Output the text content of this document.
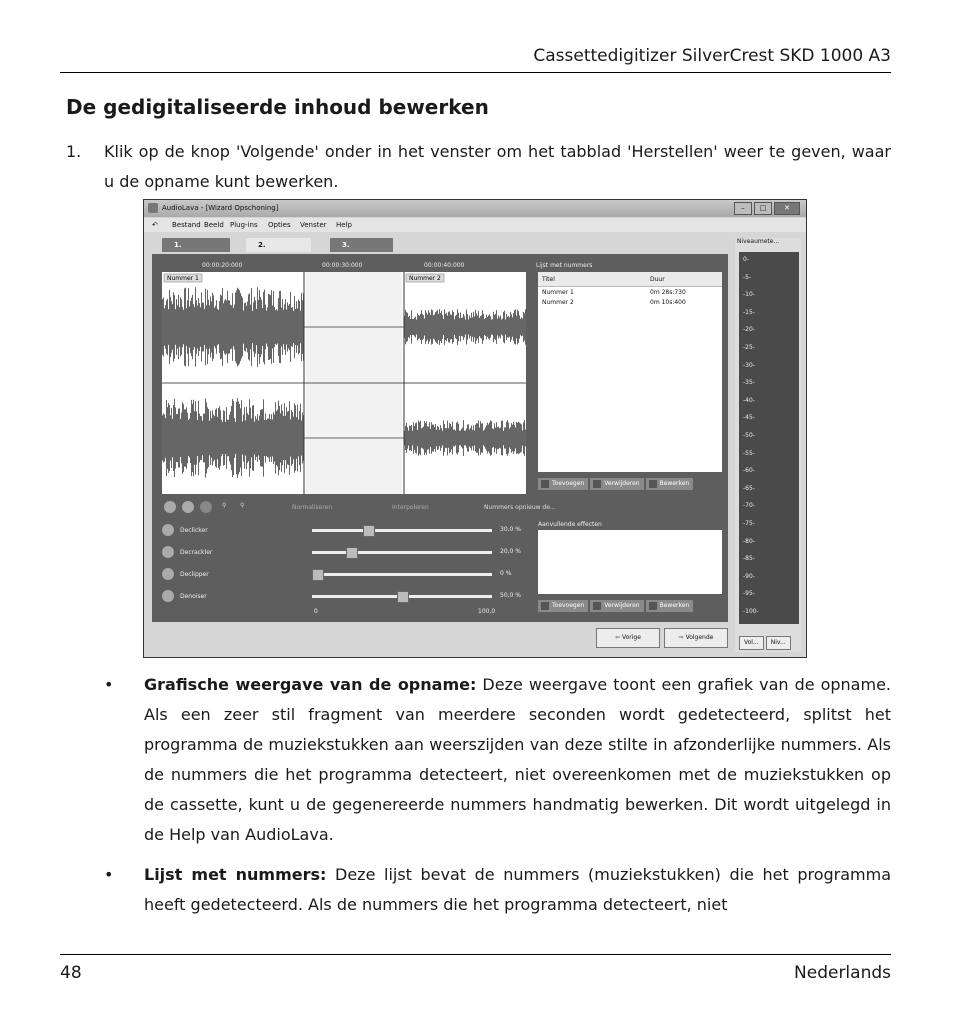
Cassettedigitizer SilverCrest SKD 1000 A3
De gedigitaliseerde inhoud bewerken
1. Klik op de knop 'Volgende' onder in het venster om het tabblad 'Herstellen' weer te geven, waar u de opname kunt bewerken.
AudioLava - [Wizard Opschoning]	–	□	✕
↶ Bestand Beeld Plug-ins Opties Venster Help
1.	2.	3.
00:00:20:000	00:00:30:000	00:00:40:000
Nummer 1	Nummer 2
Lijst met nummers
Titel	Duur
Nummer 1	0m 28s:730
Nummer 2	0m 10s:400
Toevoegen	Verwijderen	Bewerken
⚲ ⚲	Normaliseren	Interpoleren	Nummers opnieuw de...
Declicker	30,0 %
Decrackler	20,0 %
Declipper	0 %
Denoiser	50,0 %
0	100,0
Aanvullende effecten
Toevoegen	Verwijderen	Bewerken
⇦ Vorige	⇨ Volgende
Niveaumete...
0-
-5-
-10-
-15-
-20-
-25-
-30-
-35-
-40-
-45-
-50-
-55-
-60-
-65-
-70-
-75-
-80-
-85-
-90-
-95-
-100-
Vol...	Niv...
• Grafische weergave van de opname: Deze weergave toont een grafiek van de opname. Als een zeer stil fragment van meerdere seconden wordt gedetecteerd, splitst het programma de muziekstukken aan weerszijden van deze stilte in afzonderlijke nummers. Als de nummers die het programma detecteert, niet overeenkomen met de muziekstukken op de cassette, kunt u de gegenereerde nummers handmatig bewerken. Dit wordt uitgelegd in de Help van AudioLava.
• Lijst met nummers: Deze lijst bevat de nummers (muziekstukken) die het programma heeft gedetecteerd. Als de nummers die het programma detecteert, niet
48	Nederlands
